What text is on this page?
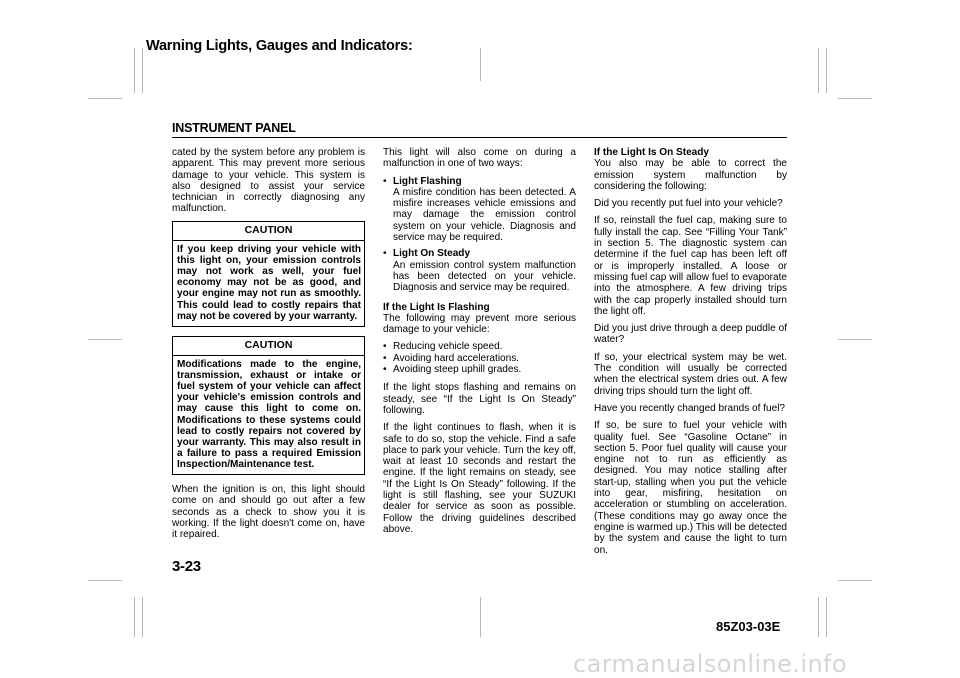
Warning Lights, Gauges and Indicators:
INSTRUMENT PANEL

cated by the system before any problem is apparent. This may prevent more serious damage to your vehicle. This system is also designed to assist your service technician in correctly diagnosing any malfunction.

CAUTION
If you keep driving your vehicle with this light on, your emission controls may not work as well, your fuel economy may not be as good, and your engine may not run as smoothly. This could lead to costly repairs that may not be covered by your warranty.
CAUTION
Modifications made to the engine, transmission, exhaust or intake or fuel system of your vehicle can affect your vehicle's emission controls and may cause this light to come on. Modifications to these systems could lead to costly repairs not covered by your warranty. This may also result in a failure to pass a required Emission Inspection/Maintenance test.

When the ignition is on, this light should come on and should go out after a few seconds as a check to show you it is working. If the light doesn't come on, have it repaired.

This light will also come on during a malfunction in one of two ways:

• Light Flashing
A misfire condition has been detected. A misfire increases vehicle emissions and may damage the emission control system on your vehicle. Diagnosis and service may be required.
• Light On Steady
An emission control system malfunction has been detected on your vehicle. Diagnosis and service may be required.

If the Light Is Flashing
The following may prevent more serious damage to your vehicle:

• Reducing vehicle speed.
• Avoiding hard accelerations.
• Avoiding steep uphill grades.

If the light stops flashing and remains on steady, see “If the Light Is On Steady” following.

If the light continues to flash, when it is safe to do so, stop the vehicle. Find a safe place to park your vehicle. Turn the key off, wait at least 10 seconds and restart the engine. If the light remains on steady, see “If the Light Is On Steady” following. If the light is still flashing, see your SUZUKI dealer for service as soon as possible. Follow the driving guidelines described above.

If the Light Is On Steady
You also may be able to correct the emission system malfunction by considering the following:

Did you recently put fuel into your vehicle?

If so, reinstall the fuel cap, making sure to fully install the cap. See “Filling Your Tank” in section 5. The diagnostic system can determine if the fuel cap has been left off or is improperly installed. A loose or missing fuel cap will allow fuel to evaporate into the atmosphere. A few driving trips with the cap properly installed should turn the light off.

Did you just drive through a deep puddle of water?

If so, your electrical system may be wet. The condition will usually be corrected when the electrical system dries out. A few driving trips should turn the light off.

Have you recently changed brands of fuel?

If so, be sure to fuel your vehicle with quality fuel. See “Gasoline Octane” in section 5. Poor fuel quality will cause your engine not to run as efficiently as designed. You may notice stalling after start-up, stalling when you put the vehicle into gear, misfiring, hesitation on acceleration or stumbling on acceleration. (These conditions may go away once the engine is warmed up.) This will be detected by the system and cause the light to turn on.

3-23
85Z03-03E
carmanualsonline.info
